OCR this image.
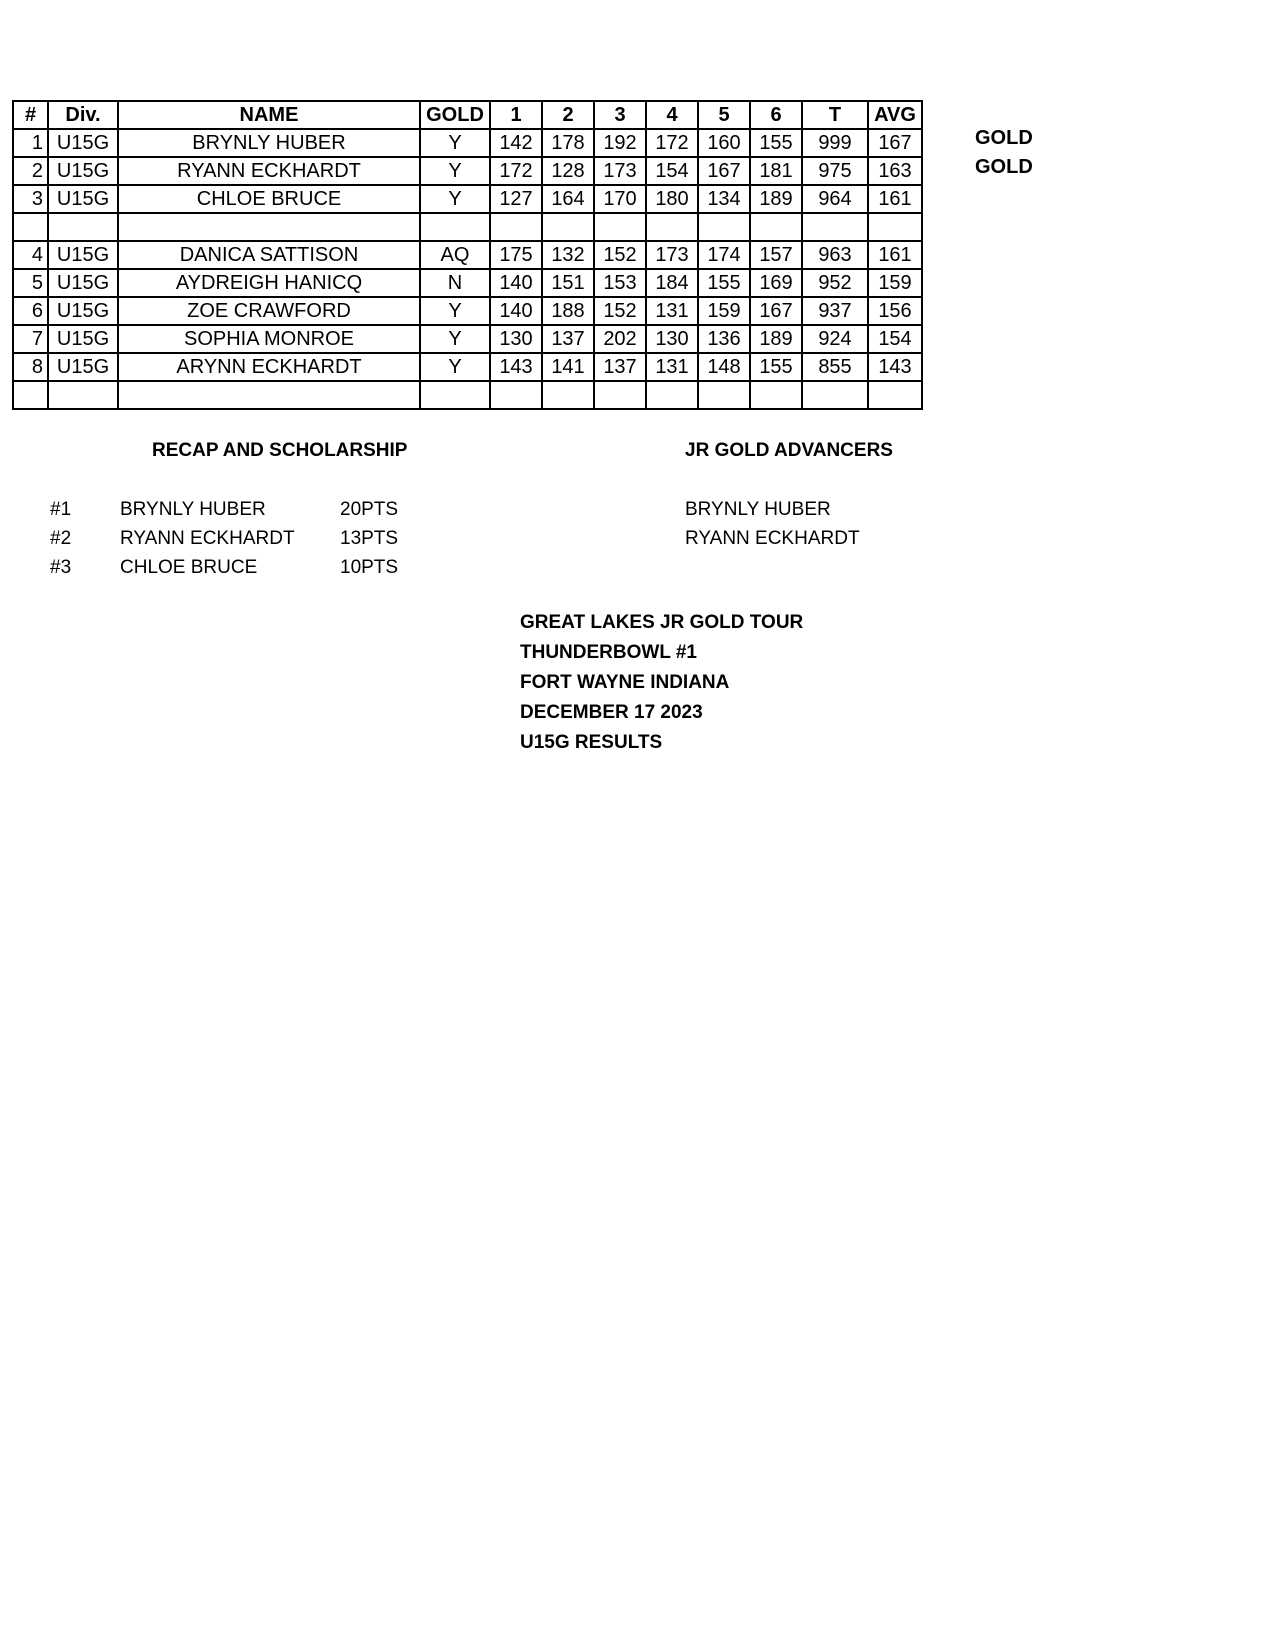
#	Div.	NAME	GOLD	1	2	3	4	5	6	T	AVG
1	U15G	BRYNLY HUBER	Y	142	178	192	172	160	155	999	167
2	U15G	RYANN ECKHARDT	Y	172	128	173	154	167	181	975	163
3	U15G	CHLOE BRUCE	Y	127	164	170	180	134	189	964	161

4	U15G	DANICA SATTISON	AQ	175	132	152	173	174	157	963	161
5	U15G	AYDREIGH HANICQ	N	140	151	153	184	155	169	952	159
6	U15G	ZOE CRAWFORD	Y	140	188	152	131	159	167	937	156
7	U15G	SOPHIA MONROE	Y	130	137	202	130	136	189	924	154
8	U15G	ARYNN ECKHARDT	Y	143	141	137	131	148	155	855	143

GOLD
GOLD
RECAP AND SCHOLARSHIP
#1	BRYNLY HUBER	20PTS
#2	RYANN ECKHARDT 13PTS
#3	CHLOE BRUCE	10PTS
JR GOLD ADVANCERS
BRYNLY HUBER
RYANN ECKHARDT
GREAT LAKES JR GOLD TOUR
THUNDERBOWL #1
FORT WAYNE INDIANA
DECEMBER 17 2023
U15G RESULTS
